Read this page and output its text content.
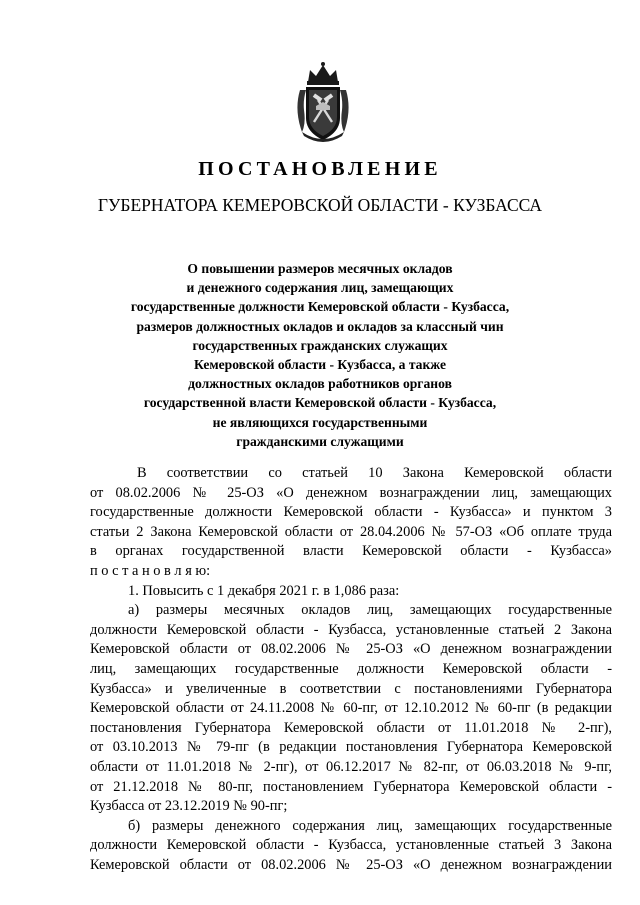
ПОСТАНОВЛЕНИЕ
ГУБЕРНАТОРА КЕМЕРОВСКОЙ ОБЛАСТИ - КУЗБАССА
О повышении размеров месячных окладов
и денежного содержания лиц, замещающих
государственные должности Кемеровской области - Кузбасса,
размеров должностных окладов и окладов за классный чин
государственных гражданских служащих
Кемеровской области - Кузбасса, а также
должностных окладов работников органов
государственной власти Кемеровской области - Кузбасса,
не являющихся государственными
гражданскими служащими
В соответствии со статьей 10 Закона Кемеровской области
от 08.02.2006 № 25-ОЗ «О денежном вознаграждении лиц, замещающих
государственные должности Кемеровской области - Кузбасса» и пунктом 3
статьи 2 Закона Кемеровской области от 28.04.2006 № 57-ОЗ «Об оплате труда
в органах государственной власти Кемеровской области - Кузбасса»
п о с т а н о в л я ю:
1. Повысить с 1 декабря 2021 г. в 1,086 раза:
а) размеры месячных окладов лиц, замещающих государственные
должности Кемеровской области - Кузбасса, установленные статьей 2 Закона
Кемеровской области от 08.02.2006 № 25-ОЗ «О денежном вознаграждении
лиц, замещающих государственные должности Кемеровской области -
Кузбасса» и увеличенные в соответствии с постановлениями Губернатора
Кемеровской области от 24.11.2008 № 60-пг, от 12.10.2012 № 60-пг (в редакции
постановления Губернатора Кемеровской области от 11.01.2018 № 2-пг),
от 03.10.2013 № 79-пг (в редакции постановления Губернатора Кемеровской
области от 11.01.2018 № 2-пг), от 06.12.2017 № 82-пг, от 06.03.2018 № 9-пг,
от 21.12.2018 № 80-пг, постановлением Губернатора Кемеровской области -
Кузбасса от 23.12.2019 № 90-пг;
б) размеры денежного содержания лиц, замещающих государственные
должности Кемеровской области - Кузбасса, установленные статьей 3 Закона
Кемеровской области от 08.02.2006 № 25-ОЗ «О денежном вознаграждении
